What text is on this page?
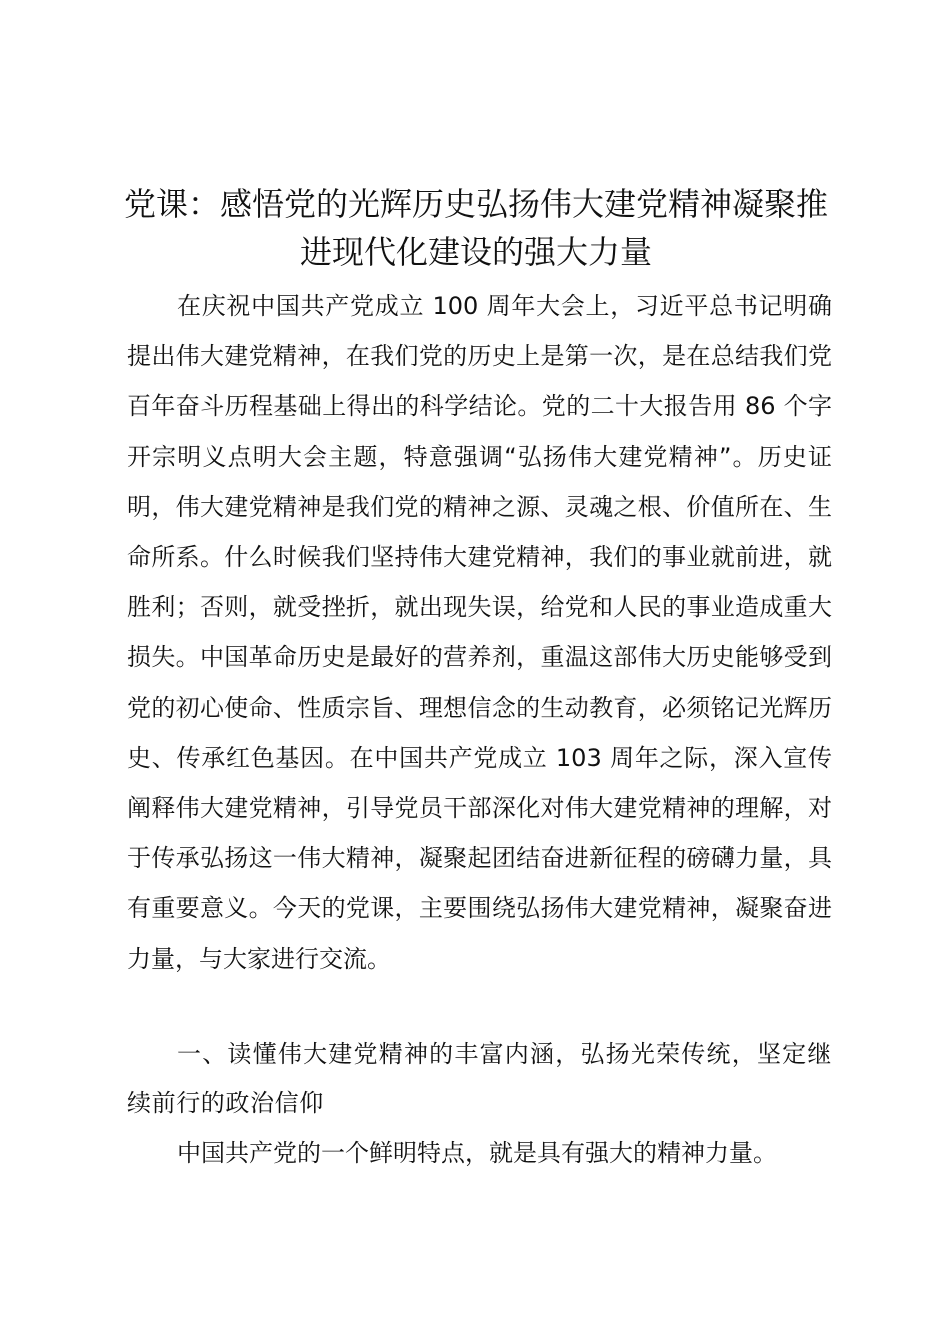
党课：感悟党的光辉历史弘扬伟大建党精神凝聚推进现代化建设的强大力量

在庆祝中国共产党成立 100 周年大会上，习近平总书记明确提出伟大建党精神，在我们党的历史上是第一次，是在总结我们党百年奋斗历程基础上得出的科学结论。党的二十大报告用 86 个字开宗明义点明大会主题，特意强调“弘扬伟大建党精神”。历史证明，伟大建党精神是我们党的精神之源、灵魂之根、价值所在、生命所系。什么时候我们坚持伟大建党精神，我们的事业就前进，就胜利；否则，就受挫折，就出现失误，给党和人民的事业造成重大损失。中国革命历史是最好的营养剂，重温这部伟大历史能够受到党的初心使命、性质宗旨、理想信念的生动教育，必须铭记光辉历史、传承红色基因。在中国共产党成立 103 周年之际，深入宣传阐释伟大建党精神，引导党员干部深化对伟大建党精神的理解，对于传承弘扬这一伟大精神，凝聚起团结奋进新征程的磅礴力量，具有重要意义。今天的党课，主要围绕弘扬伟大建党精神，凝聚奋进力量，与大家进行交流。

一、读懂伟大建党精神的丰富内涵，弘扬光荣传统，坚定继续前行的政治信仰

中国共产党的一个鲜明特点，就是具有强大的精神力量。
